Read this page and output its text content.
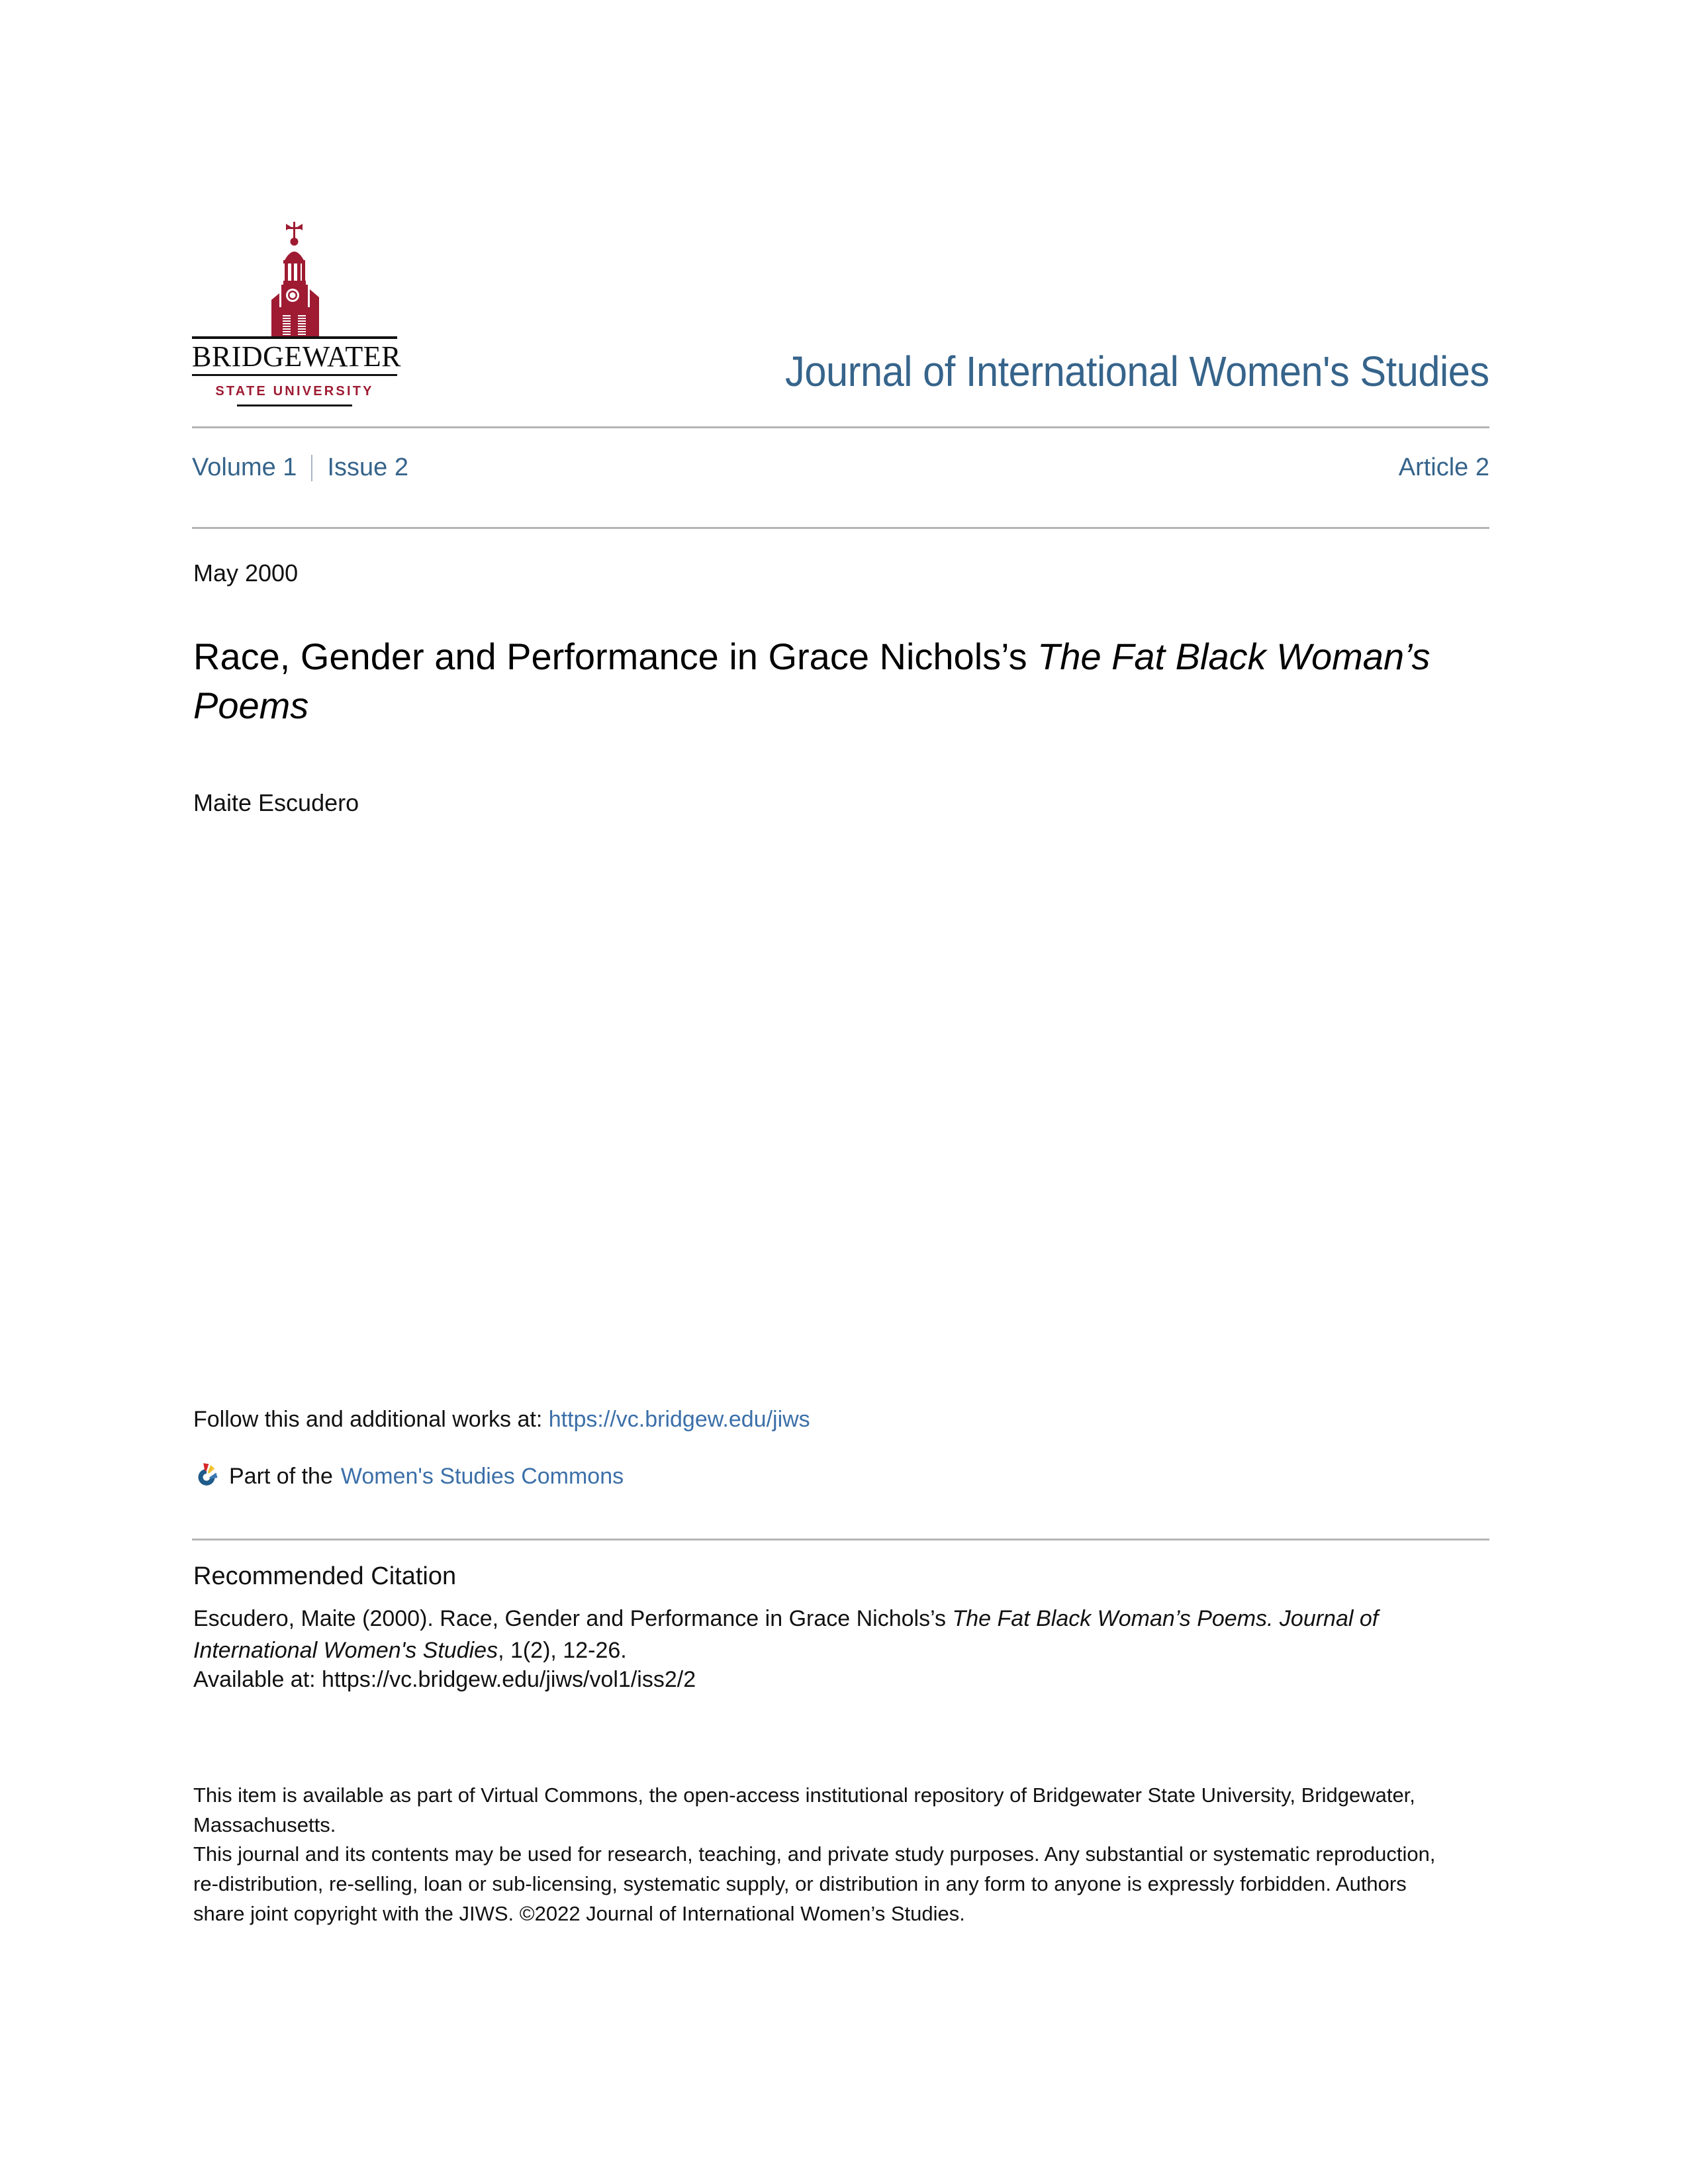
BRIDGEWATER
STATE UNIVERSITY	Journal of International Women's Studies
Volume 1 Issue 2	Article 2
May 2000
Race, Gender and Performance in Grace Nichols’s The Fat Black Woman’s Poems
Maite Escudero
Follow this and additional works at: https://vc.bridgew.edu/jiws
Part of the Women's Studies Commons
Recommended Citation
Escudero, Maite (2000). Race, Gender and Performance in Grace Nichols’s The Fat Black Woman’s Poems. Journal of International Women's Studies, 1(2), 12-26.
Available at: https://vc.bridgew.edu/jiws/vol1/iss2/2

This item is available as part of Virtual Commons, the open-access institutional repository of Bridgewater State University, Bridgewater, Massachusetts.

This journal and its contents may be used for research, teaching, and private study purposes. Any substantial or systematic reproduction, re-distribution, re-selling, loan or sub-licensing, systematic supply, or distribution in any form to anyone is expressly forbidden. Authors share joint copyright with the JIWS. ©2022 Journal of International Women’s Studies.
